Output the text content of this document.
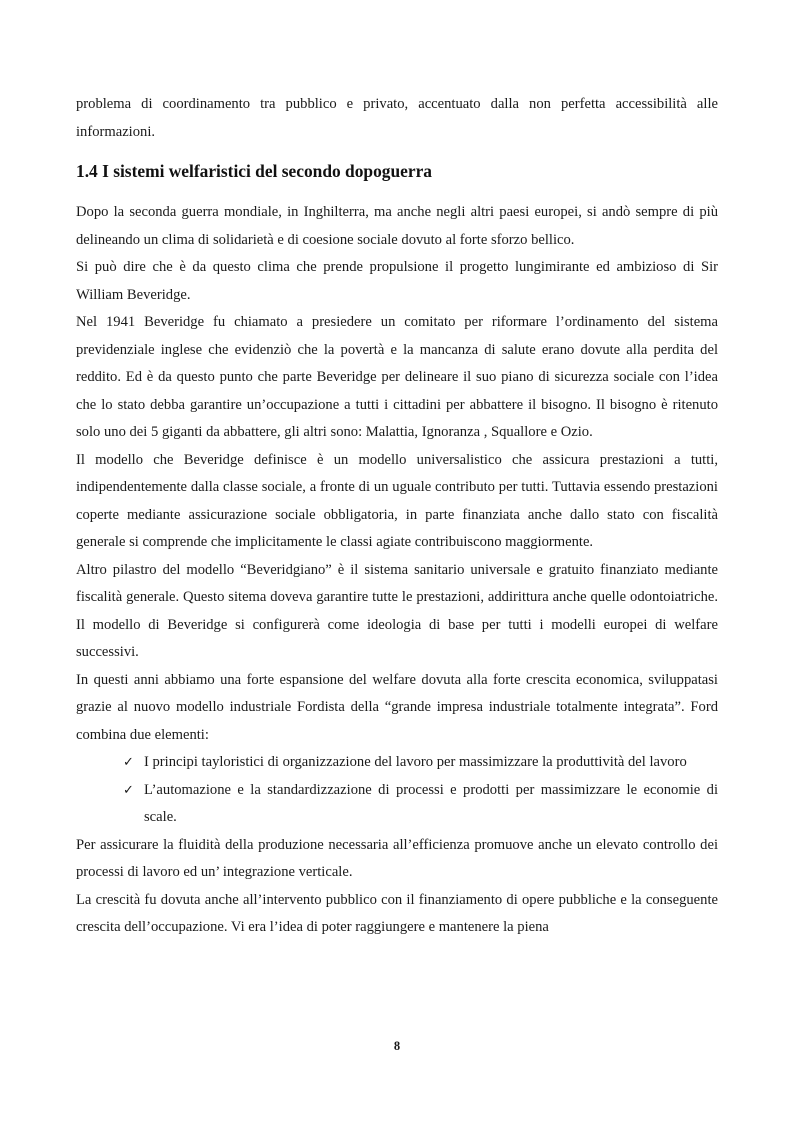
problema di coordinamento tra pubblico e privato, accentuato dalla non perfetta accessibilità alle informazioni.

1.4 I sistemi welfaristici del secondo dopoguerra

Dopo la seconda guerra mondiale, in Inghilterra, ma anche negli altri paesi europei, si andò sempre di più delineando un clima di solidarietà e di coesione sociale dovuto al forte sforzo bellico.

Si può dire che è da questo clima che prende propulsione il progetto lungimirante ed ambizioso di Sir William Beveridge.

Nel 1941 Beveridge fu chiamato a presiedere un comitato per riformare l’ordinamento del sistema previdenziale inglese che evidenziò che la povertà e la mancanza di salute erano dovute alla perdita del reddito. Ed è da questo punto che parte Beveridge per delineare il suo piano di sicurezza sociale con l’idea che lo stato debba garantire un’occupazione a tutti i cittadini per abbattere il bisogno. Il bisogno è ritenuto solo uno dei 5 giganti da abbattere, gli altri sono: Malattia, Ignoranza , Squallore e Ozio.

Il modello che Beveridge definisce è un modello universalistico che assicura prestazioni a tutti, indipendentemente dalla classe sociale, a fronte di un uguale contributo per tutti. Tuttavia essendo prestazioni coperte mediante assicurazione sociale obbligatoria, in parte finanziata anche dallo stato con fiscalità generale si comprende che implicitamente le classi agiate contribuiscono maggiormente.

Altro pilastro del modello “Beveridgiano” è il sistema sanitario universale e gratuito finanziato mediante fiscalità generale. Questo sitema doveva garantire tutte le prestazioni, addirittura anche quelle odontoiatriche. Il modello di Beveridge si configurerà come ideologia di base per tutti i modelli europei di welfare successivi.

In questi anni abbiamo una forte espansione del welfare dovuta alla forte crescita economica, sviluppatasi grazie al nuovo modello industriale Fordista della “grande impresa industriale totalmente integrata”. Ford combina due elementi:

✓ I principi tayloristici di organizzazione del lavoro per massimizzare la produttività del lavoro
✓ L’automazione e la standardizzazione di processi e prodotti per massimizzare le economie di scale.

Per assicurare la fluidità della produzione necessaria all’efficienza promuove anche un elevato controllo dei processi di lavoro ed un’ integrazione verticale.

La crescità fu dovuta anche all’intervento pubblico con il finanziamento di opere pubbliche e la conseguente crescita dell’occupazione. Vi era l’idea di poter raggiungere e mantenere la piena

8
